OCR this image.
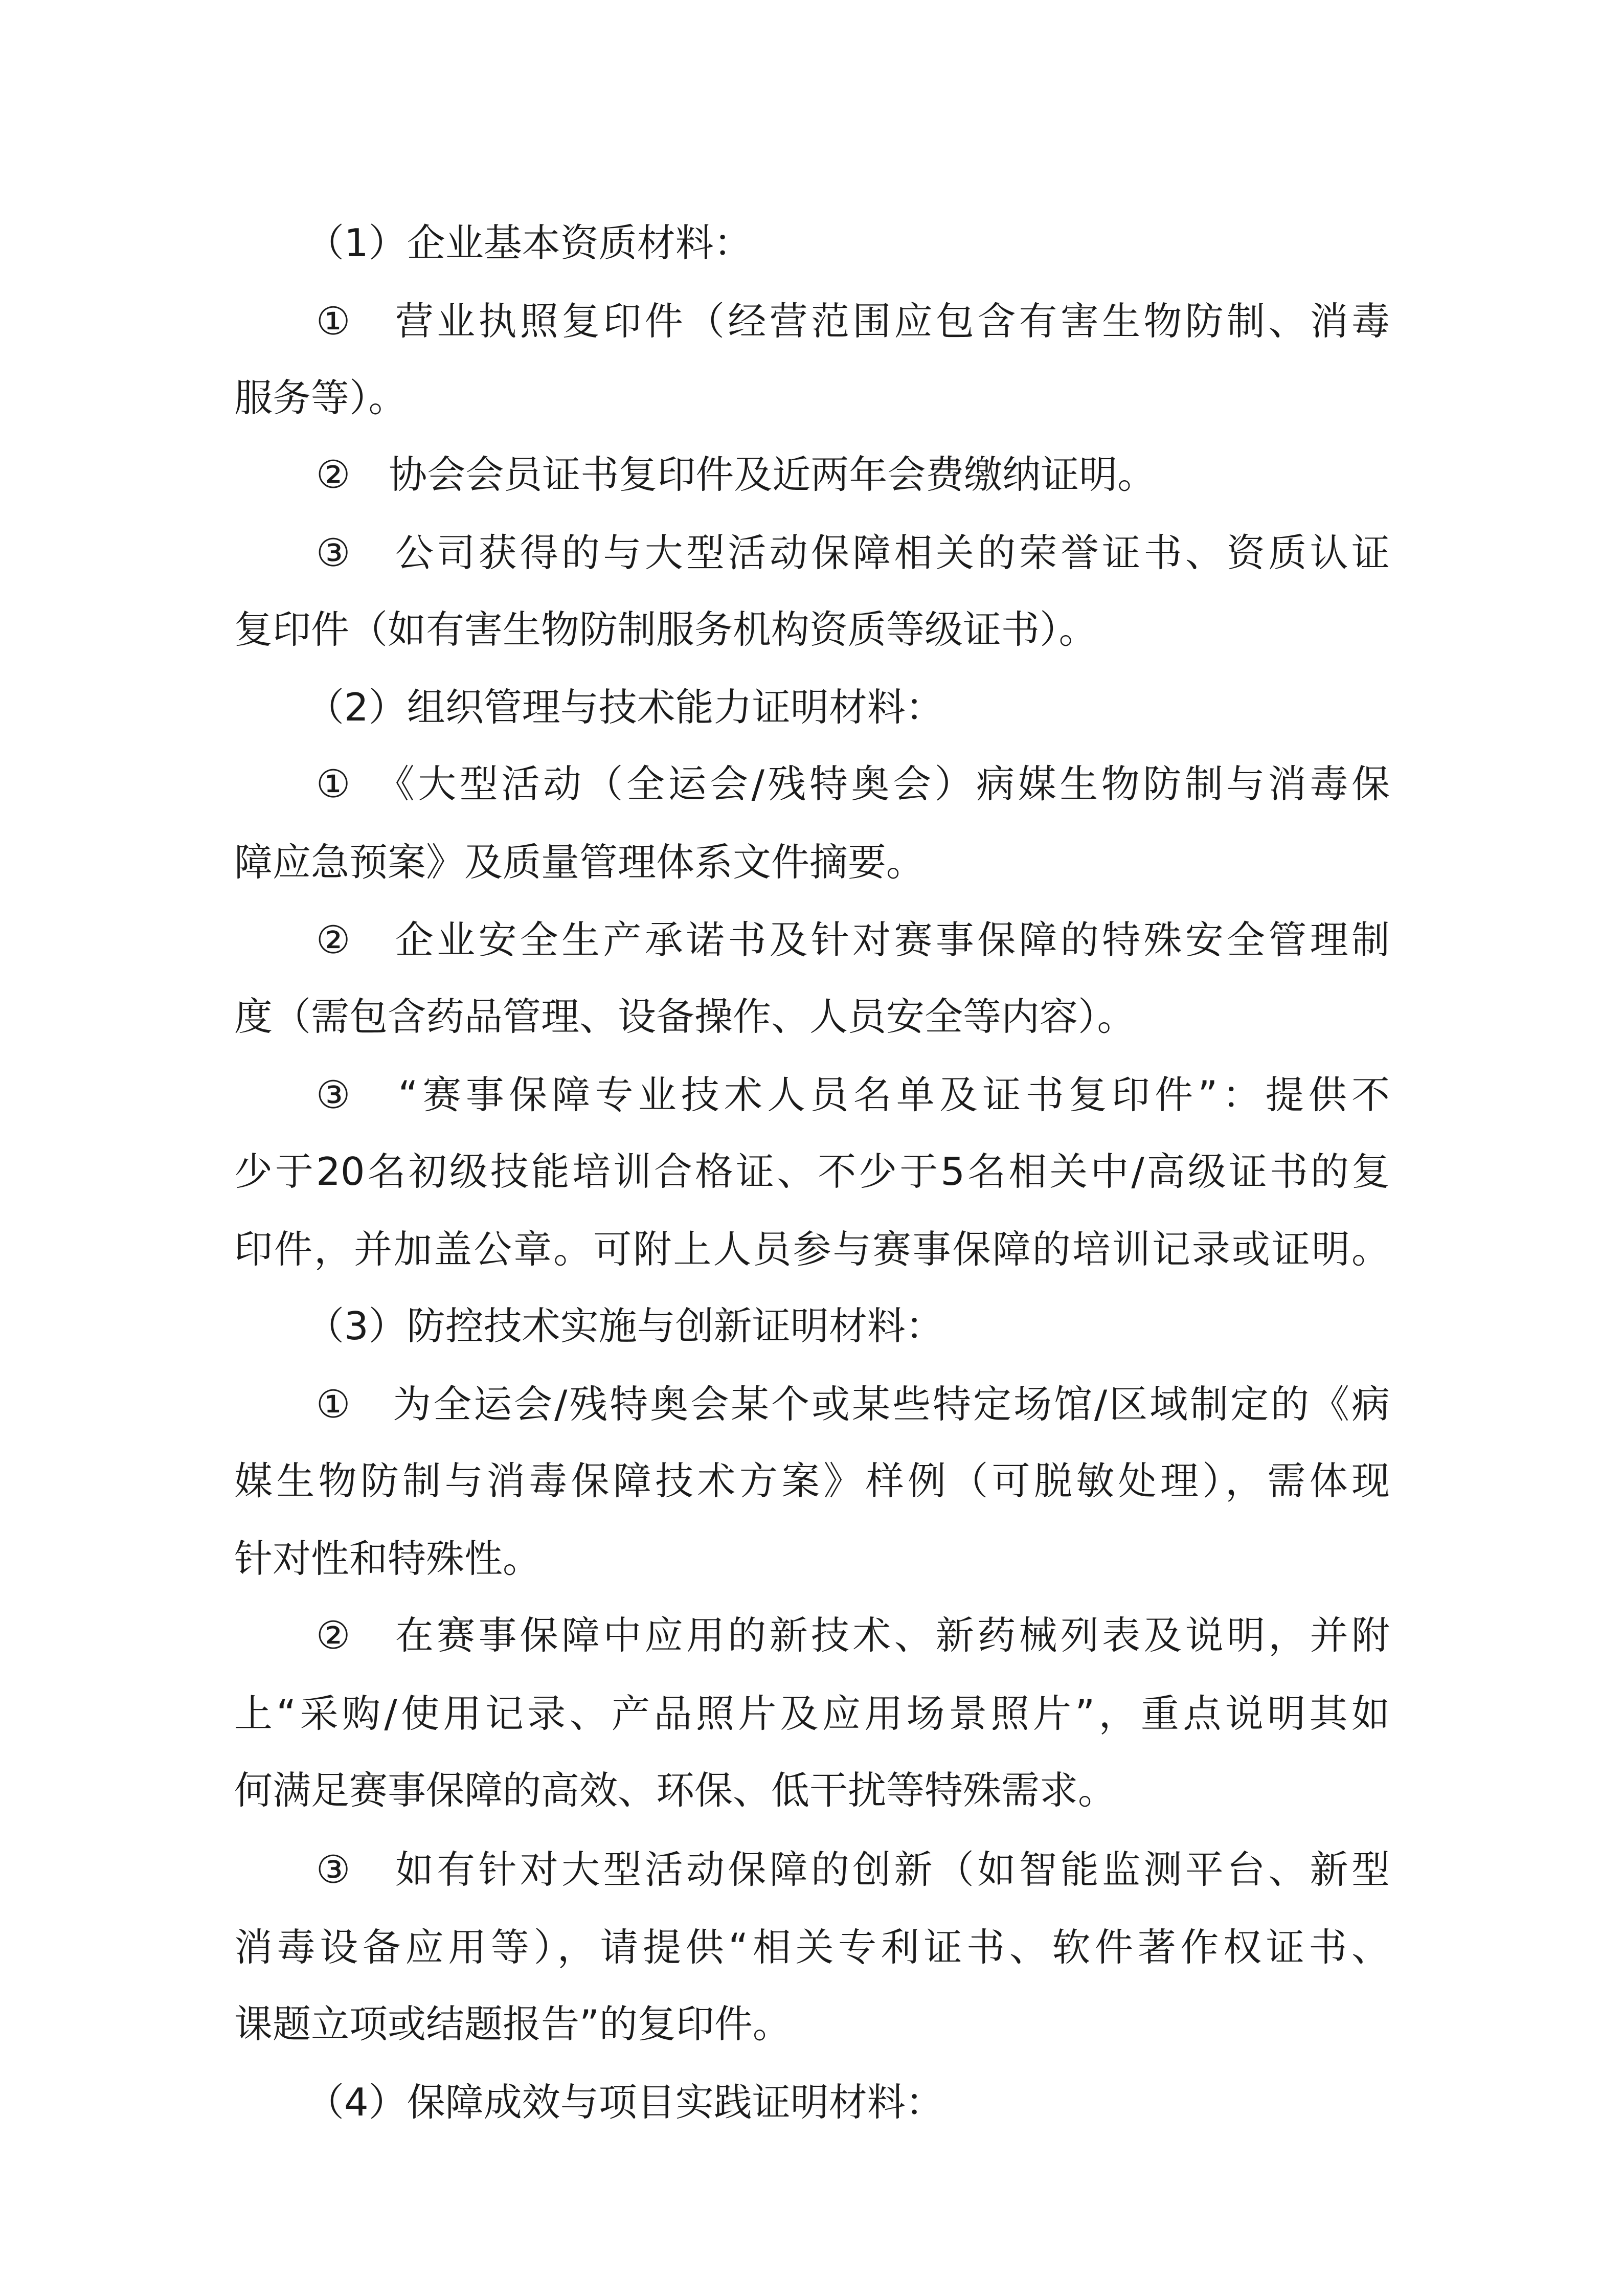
（1）企业基本资质材料：
①　营业执照复印件（经营范围应包含有害生物防制、消毒
服务等）。
②　协会会员证书复印件及近两年会费缴纳证明。
③　公司获得的与大型活动保障相关的荣誉证书、资质认证
复印件（如有害生物防制服务机构资质等级证书）。
（2）组织管理与技术能力证明材料：
①　《大型活动（全运会/残特奥会）病媒生物防制与消毒保
障应急预案》及质量管理体系文件摘要。
②　企业安全生产承诺书及针对赛事保障的特殊安全管理制
度（需包含药品管理、设备操作、人员安全等内容）。
③　“赛事保障专业技术人员名单及证书复印件”：提供不
少于20名初级技能培训合格证、不少于5名相关中/高级证书的复
印件，并加盖公章。可附上人员参与赛事保障的培训记录或证明。
（3）防控技术实施与创新证明材料：
①　为全运会/残特奥会某个或某些特定场馆/区域制定的《病
媒生物防制与消毒保障技术方案》样例（可脱敏处理），需体现
针对性和特殊性。
②　在赛事保障中应用的新技术、新药械列表及说明，并附
上“采购/使用记录、产品照片及应用场景照片”，重点说明其如
何满足赛事保障的高效、环保、低干扰等特殊需求。
③　如有针对大型活动保障的创新（如智能监测平台、新型
消毒设备应用等），请提供“相关专利证书、软件著作权证书、
课题立项或结题报告”的复印件。
（4）保障成效与项目实践证明材料：
